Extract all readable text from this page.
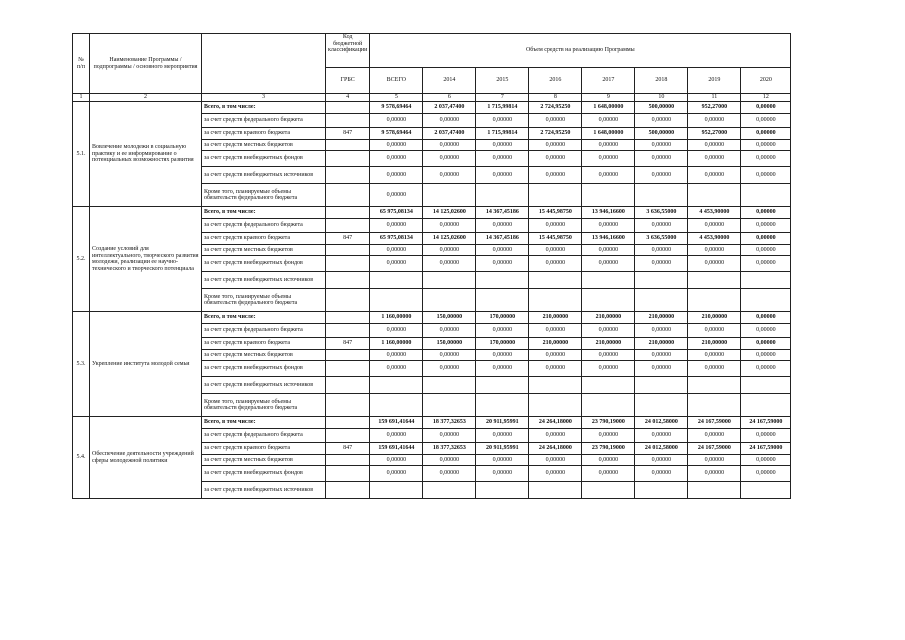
№ п/п	Наименование Программы / подпрограммы / основного мероприятия		Код бюджетной классификации	Объем средств на реализацию Программы							
			ГРБС	ВСЕГО	2014	2015	2016	2017	2018	2019	2020
1	2	3	4	5	6	7	8	9	10	11	12
5.1.	Вовлечение молодежи в социальную практику и ее информирование о потенциальных возможностях развития	Всего, в том числе:		9 578,69464	2 037,47400	1 715,99814	2 724,95250	1 648,00000	500,00000	952,27000	0,00000
		за счет средств федерального бюджета		0,00000	0,00000	0,00000	0,00000	0,00000	0,00000	0,00000	0,00000
		за счет средств краевого бюджета	847	9 578,69464	2 037,47400	1 715,99814	2 724,95250	1 648,00000	500,00000	952,27000	0,00000
		за счет средств местных бюджетов		0,00000	0,00000	0,00000	0,00000	0,00000	0,00000	0,00000	0,00000
		за счет средств внебюджетных фондов		0,00000	0,00000	0,00000	0,00000	0,00000	0,00000	0,00000	0,00000
		за счет средств внебюджетных источников		0,00000	0,00000	0,00000	0,00000	0,00000	0,00000	0,00000	0,00000
		Кроме того, планируемые объемы обязательств федерального бюджета		0,00000							
5.2.	Создание условий для интеллектуального, творческого развития молодежи, реализации ее научно-технического и творческого потенциала	Всего, в том числе:		65 975,08134	14 125,02600	14 367,45186	15 445,98750	13 946,16600	3 636,55000	4 453,90000	0,00000
		за счет средств федерального бюджета		0,00000	0,00000	0,00000	0,00000	0,00000	0,00000	0,00000	0,00000
		за счет средств краевого бюджета	847	65 975,08134	14 125,02600	14 367,45186	15 445,98750	13 946,16600	3 636,55000	4 453,90000	0,00000
		за счет средств местных бюджетов		0,00000	0,00000	0,00000	0,00000	0,00000	0,00000	0,00000	0,00000
		за счет средств внебюджетных фондов		0,00000	0,00000	0,00000	0,00000	0,00000	0,00000	0,00000	0,00000
		за счет средств внебюджетных источников									
		Кроме того, планируемые объемы обязательств федерального бюджета									
5.3.	Укрепление института молодой семьи	Всего, в том числе:		1 160,00000	150,00000	170,00000	210,00000	210,00000	210,00000	210,00000	0,00000
		за счет средств федерального бюджета		0,00000	0,00000	0,00000	0,00000	0,00000	0,00000	0,00000	0,00000
		за счет средств краевого бюджета	847	1 160,00000	150,00000	170,00000	210,00000	210,00000	210,00000	210,00000	0,00000
		за счет средств местных бюджетов		0,00000	0,00000	0,00000	0,00000	0,00000	0,00000	0,00000	0,00000
		за счет средств внебюджетных фондов		0,00000	0,00000	0,00000	0,00000	0,00000	0,00000	0,00000	0,00000
		за счет средств внебюджетных источников									
		Кроме того, планируемые объемы обязательств федерального бюджета									
5.4.	Обеспечение деятельности учреждений сферы молодежной политики	Всего, в том числе:		159 691,41644	18 377,32653	20 911,95991	24 264,18000	23 790,19000	24 012,58000	24 167,59000	24 167,59000
		за счет средств федерального бюджета		0,00000	0,00000	0,00000	0,00000	0,00000	0,00000	0,00000	0,00000
		за счет средств краевого бюджета	847	159 691,41644	18 377,32653	20 911,95991	24 264,18000	23 790,19000	24 012,58000	24 167,59000	24 167,59000
		за счет средств местных бюджетов		0,00000	0,00000	0,00000	0,00000	0,00000	0,00000	0,00000	0,00000
		за счет средств внебюджетных фондов		0,00000	0,00000	0,00000	0,00000	0,00000	0,00000	0,00000	0,00000
		за счет средств внебюджетных источников									
